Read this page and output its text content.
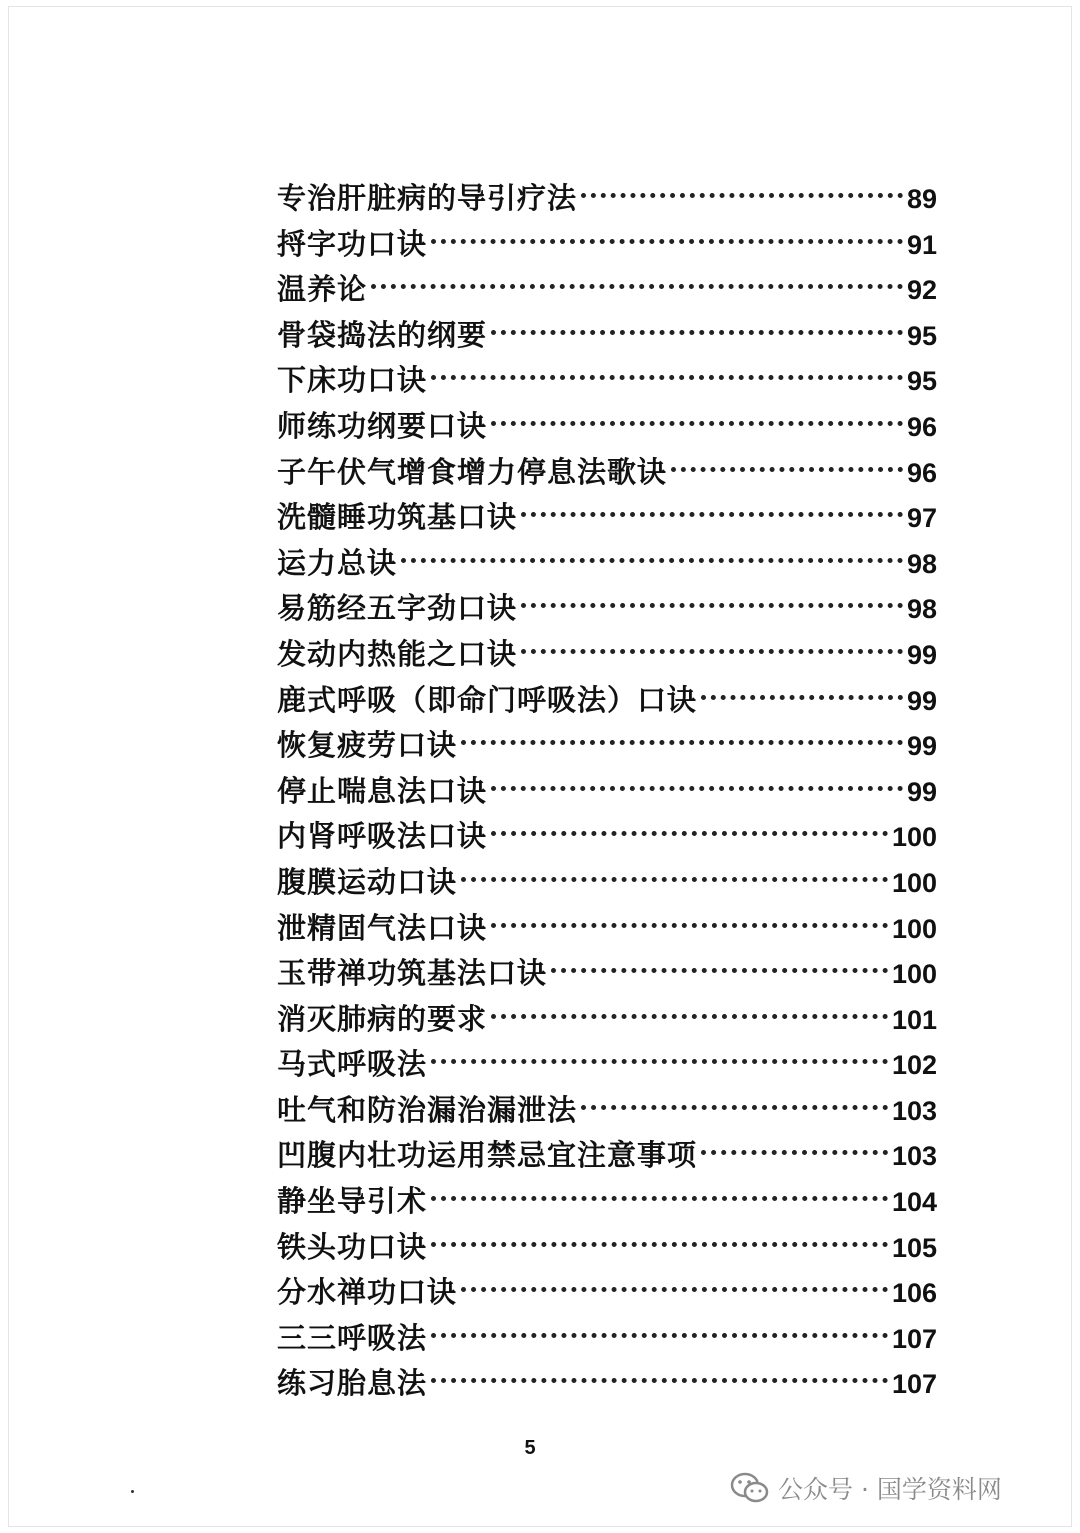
专治肝脏病的导引疗法	89
捋字功口诀	91
温养论	92
骨袋捣法的纲要	95
下床功口诀	95
师练功纲要口诀	96
子午伏气增食增力停息法歌诀	96
洗髓睡功筑基口诀	97
运力总诀	98
易筋经五字劲口诀	98
发动内热能之口诀	99
鹿式呼吸（即命门呼吸法）口诀	99
恢复疲劳口诀	99
停止喘息法口诀	99
内肾呼吸法口诀	100
腹膜运动口诀	100
泄精固气法口诀	100
玉带禅功筑基法口诀	100
消灭肺病的要求	101
马式呼吸法	102
吐气和防治漏治漏泄法	103
凹腹内壮功运用禁忌宜注意事项	103
静坐导引术	104
铁头功口诀	105
分水禅功口诀	106
三三呼吸法	107
练习胎息法	107
5
公众号 · 国学资料网
